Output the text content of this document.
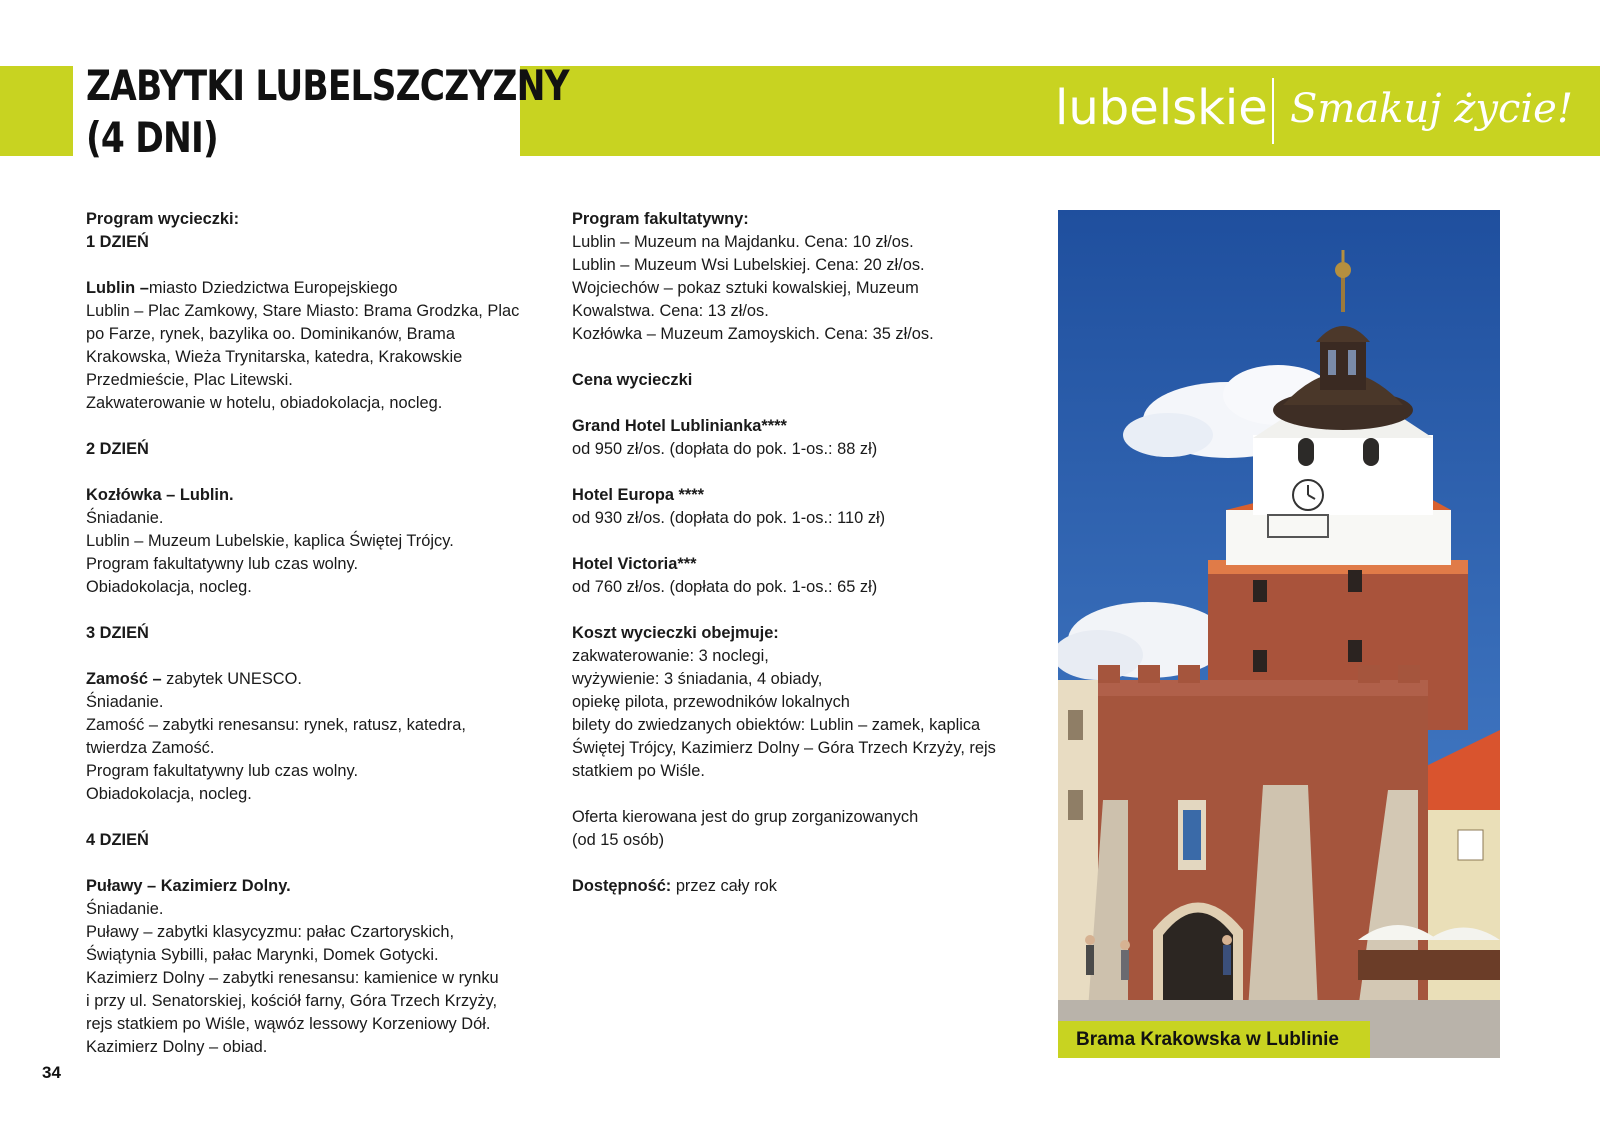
ZABYTKI LUBELSZCZYZNY
(4 DNI)
lubelskie Smakuj życie!

Program wycieczki:

1 DZIEŃ

Lublin –miasto Dziedzictwa Europejskiego

Lublin – Plac Zamkowy, Stare Miasto: Brama Grodzka, Plac

po Farze, rynek, bazylika oo. Dominikanów, Brama

Krakowska, Wieża Trynitarska, katedra, Krakowskie

Przedmieście, Plac Litewski.

Zakwaterowanie w hotelu, obiadokolacja, nocleg.

2 DZIEŃ

Kozłówka – Lublin.

Śniadanie.

Lublin – Muzeum Lubelskie, kaplica Świętej Trójcy.

Program fakultatywny lub czas wolny.

Obiadokolacja, nocleg.

3 DZIEŃ

Zamość – zabytek UNESCO.

Śniadanie.

Zamość – zabytki renesansu: rynek, ratusz, katedra,

twierdza Zamość.

Program fakultatywny lub czas wolny.

Obiadokolacja, nocleg.

4 DZIEŃ

Puławy – Kazimierz Dolny.

Śniadanie.

Puławy – zabytki klasycyzmu: pałac Czartoryskich,

Świątynia Sybilli, pałac Marynki, Domek Gotycki.

Kazimierz Dolny – zabytki renesansu: kamienice w rynku

i przy ul. Senatorskiej, kościół farny, Góra Trzech Krzyży,

rejs statkiem po Wiśle, wąwóz lessowy Korzeniowy Dół.

Kazimierz Dolny – obiad.

Program fakultatywny:

Lublin – Muzeum na Majdanku. Cena: 10 zł/os.

Lublin – Muzeum Wsi Lubelskiej. Cena: 20 zł/os.

Wojciechów – pokaz sztuki kowalskiej, Muzeum

Kowalstwa. Cena: 13 zł/os.

Kozłówka – Muzeum Zamoyskich. Cena: 35 zł/os.

Cena wycieczki

Grand Hotel Lublinianka****

od 950 zł/os. (dopłata do pok. 1-os.: 88 zł)

Hotel Europa ****

od 930 zł/os. (dopłata do pok. 1-os.: 110 zł)

Hotel Victoria***

od 760 zł/os. (dopłata do pok. 1-os.: 65 zł)

Koszt wycieczki obejmuje:

zakwaterowanie: 3 noclegi,

wyżywienie: 3 śniadania, 4 obiady,

opiekę pilota, przewodników lokalnych

bilety do zwiedzanych obiektów: Lublin – zamek, kaplica

Świętej Trójcy, Kazimierz Dolny – Góra Trzech Krzyży, rejs

statkiem po Wiśle.

Oferta kierowana jest do grup zorganizowanych

(od 15 osób)

Dostępność: przez cały rok

Brama Krakowska w Lublinie
34
